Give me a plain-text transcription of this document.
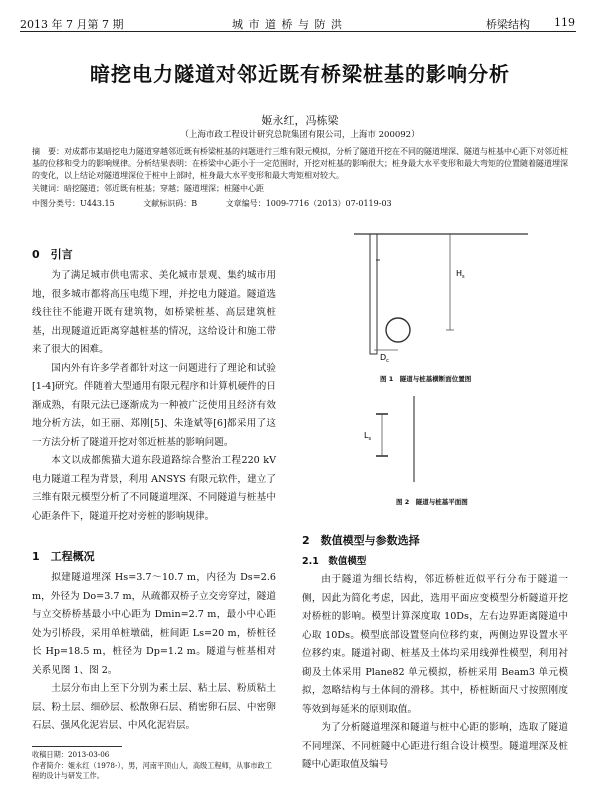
2013 年 7 月第 7 期	城 市 道 桥 与 防 洪	桥梁结构 119
暗挖电力隧道对邻近既有桥梁桩基的影响分析
姬永红，冯栋梁
（上海市政工程设计研究总院集团有限公司，上海市 200092）
摘　要：对成都市某暗挖电力隧道穿越邻近既有桥梁桩基的问题进行三维有限元模拟，分析了隧道开挖在不同的隧道埋深、隧道与桩基中心距下对邻近桩基的位移和受力的影响规律。分析结果表明：在桥梁中心距小于一定范围时，开挖对桩基的影响很大；桩身最大水平变形和最大弯矩的位置随着隧道埋深的变化，以上结论对隧道埋深位于桩中上部时，桩身最大水平变形和最大弯矩相对较大。
关键词：暗挖隧道；邻近既有桩基；穿越；隧道埋深；桩隧中心距
中图分类号：U443.15	文献标识码：B	文章编号：1009-7716（2013）07-0119-03
0　引言

为了满足城市供电需求、美化城市景观、集约城市用地，很多城市都将高压电缆下埋，并挖电力隧道。隧道选线往往不能避开既有建筑物，如桥梁桩基、高层建筑桩基，出现隧道近距离穿越桩基的情况，这给设计和施工带来了很大的困难。

国内外有许多学者都针对这一问题进行了理论和试验[1-4]研究。伴随着大型通用有限元程序和计算机硬件的日渐成熟，有限元法已逐渐成为一种被广泛使用且经济有效地分析方法，如王丽、郑刚[5]、朱逢斌等[6]都采用了这一方法分析了隧道开挖对邻近桩基的影响问题。

本文以成都熊猫大道东段道路综合整治工程220 kV 电力隧道工程为背景，利用 ANSYS 有限元软件，建立了三维有限元模型分析了不同隧道埋深、不同隧道与桩基中心距条件下，隧道开挖对旁桩的影响规律。

1　工程概况

拟建隧道埋深 Hs=3.7～10.7 m，内径为 Ds=2.6 m，外径为 Do=3.7 m，从疏都双桥子立交旁穿过，隧道与立交桥桥基最小中心距为 Dmin=2.7 m，最小中心距处为引桥段，采用单桩墩础，桩间距 Ls=20 m，桥桩径长 Hp=18.5 m，桩径为 Dp=1.2 m。隧道与桩基相对关系见图 1、图 2。

土层分布由上至下分别为素土层、粘土层、粉质粘土层、粉土层、细砂层、松散卵石层、稍密卵石层、中密卵石层、强风化泥岩层、中风化泥岩层。

收稿日期：2013-03-06
作者简介：姬永红（1978-），男，河南平顶山人，高级工程师，从事市政工程的设计与研发工作。
$H_s$
$D_c$
图 1　隧道与桩基横断面位置图
$L_s$
图 2　隧道与桩基平面图
2　数值模型与参数选择
2.1　数值模型

由于隧道为细长结构，邻近桥桩近似平行分布于隧道一侧，因此为简化考虑，因此，选用平面应变模型分析隧道开挖对桥桩的影响。模型计算深度取 10Ds，左右边界距离隧道中心取 10Ds。模型底部设置竖向位移约束，两侧边界设置水平位移约束。隧道衬砌、桩基及土体均采用线弹性模型，利用衬砌及土体采用 Plane82 单元模拟，桥桩采用 Beam3 单元模拟，忽略结构与土体间的滑移。其中，桥桩断面尺寸按照刚度等效到每延米的原则取值。

为了分析隧道埋深和隧道与桩中心距的影响，选取了隧道不同埋深、不同桩隧中心距进行组合设计模型。隧道埋深及桩隧中心距取值及编号
